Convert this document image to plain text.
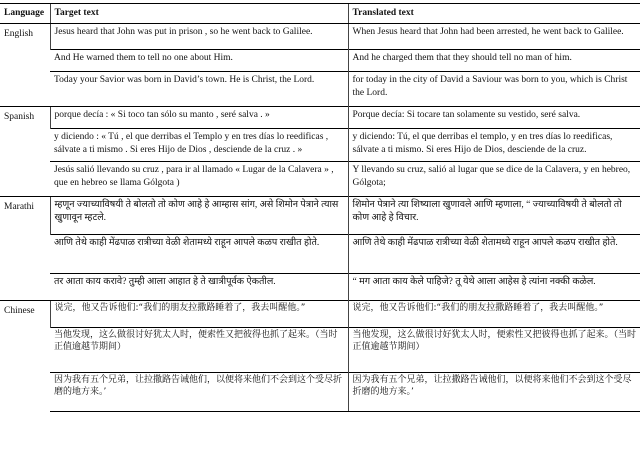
Language	Target text	Translated text
English	Jesus heard that John was put in prison , so he went back to Galilee.	When Jesus heard that John had been arrested, he went back to Galilee.
	And He warned them to tell no one about Him.	And he charged them that they should tell no man of him.
	Today your Savior was born in David’s town. He is Christ, the Lord.	for today in the city of David a Saviour was born to you, which is Christ the Lord.
Spanish	porque decía : « Si toco tan sólo su manto , seré salva . »	Porque decía: Si tocare tan solamente su vestido, seré salva.
	y diciendo : « Tú , el que derribas el Templo y en tres días lo reedificas , sálvate a ti mismo . Si eres Hijo de Dios , desciende de la cruz . »	y diciendo: Tú, el que derribas el templo, y en tres días lo reedificas, sálvate a ti mismo. Si eres Hijo de Dios, desciende de la cruz.
	Jesús salió llevando su cruz , para ir al llamado « Lugar de la Calavera » , que en hebreo se llama Gólgota )	Y llevando su cruz, salió al lugar que se dice de la Calavera, y en hebreo, Gólgota;
Marathi	म्हणून ज्याच्याविषयी ते बोलतो तो कोण आहे हे आम्हास सांग, असे शिमोन पेत्राने त्यास खुणावून म्हटले.	शिमोन पेत्राने त्या शिष्याला खुणावले आणि म्हणाला, “ ज्याच्याविषयी ते बोलतो तो कोण आहे हे विचार.
	आणि तेथे काही मेंढपाळ रात्रीच्या वेळी शेतामध्ये राहून आपले कळप राखीत होते.	आणि तेथे काही मेंढपाळ रात्रीच्या वेळी शेतामध्ये राहून आपले कळप राखीत होते.
	तर आता काय करावे? तुम्ही आला आहात हे ते खात्रीपूर्वक ऐकतील.	“ मग आता काय केले पाहिजे? तू येथे आला आहेस हे त्यांना नक्की कळेल.
Chinese	说完，他又告诉他们:“我们的朋友拉撒路睡着了，我去叫醒他。”	说完，他又告诉他们:“我们的朋友拉撒路睡着了，我去叫醒他。”
	当他发现，这么做很讨好犹太人时，便索性又把彼得也抓了起来。（当时正值逾越节期间）	当他发现，这么做很讨好犹太人时，便索性又把彼得也抓了起来。（当时正值逾越节期间）
	因为我有五个兄弟，让拉撒路告诫他们，以便将来他们不会到这个受尽折磨的地方来。’	因为我有五个兄弟，让拉撒路告诫他们，以便将来他们不会到这个受尽折磨的地方来。’
